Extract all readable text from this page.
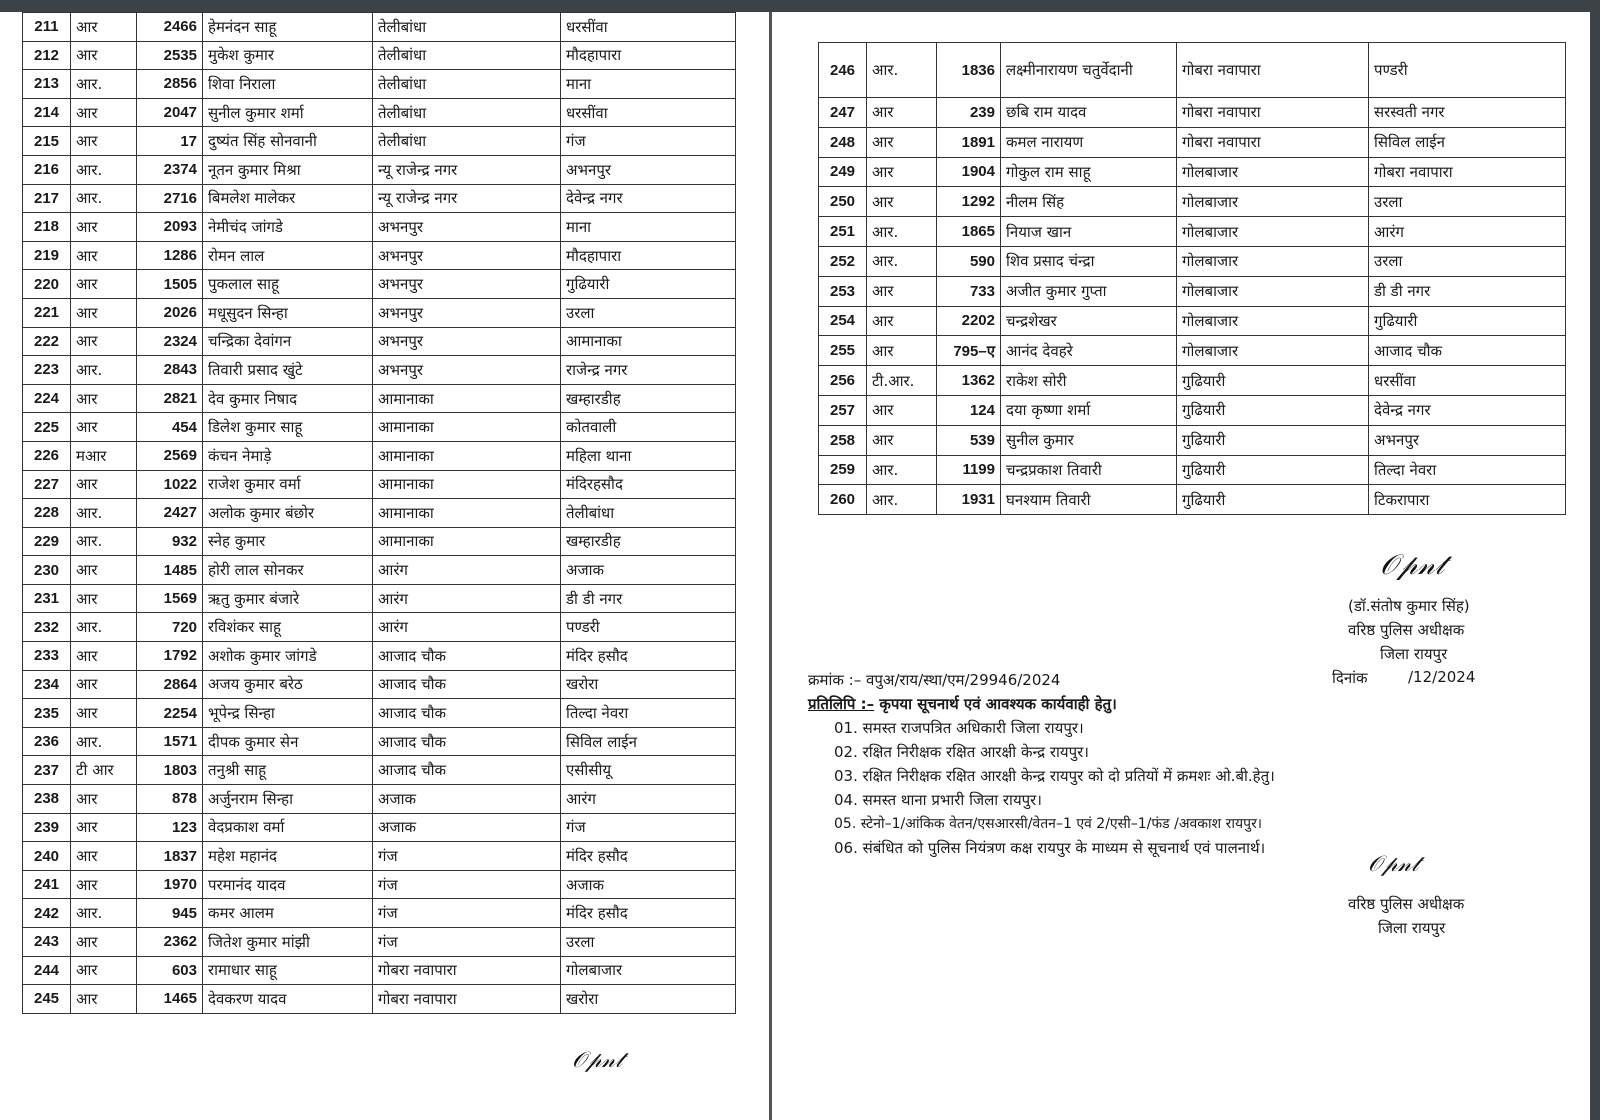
211	आर	2466	हेमनंदन साहू	तेलीबांधा	धरसींवा
212	आर	2535	मुकेश कुमार	तेलीबांधा	मौदहापारा
213	आर.	2856	शिवा निराला	तेलीबांधा	माना
214	आर	2047	सुनील कुमार शर्मा	तेलीबांधा	धरसींवा
215	आर	17	दुष्यंत सिंह सोनवानी	तेलीबांधा	गंज
216	आर.	2374	नूतन कुमार मिश्रा	न्यू राजेन्द्र नगर	अभनपुर
217	आर.	2716	बिमलेश मालेकर	न्यू राजेन्द्र नगर	देवेन्द्र नगर
218	आर	2093	नेमीचंद जांगडे	अभनपुर	माना
219	आर	1286	रोमन लाल	अभनपुर	मौदहापारा
220	आर	1505	पुकलाल साहू	अभनपुर	गुढियारी
221	आर	2026	मधूसुदन सिन्हा	अभनपुर	उरला
222	आर	2324	चन्द्रिका देवांगन	अभनपुर	आमानाका
223	आर.	2843	तिवारी प्रसाद खुंटे	अभनपुर	राजेन्द्र नगर
224	आर	2821	देव कुमार निषाद	आमानाका	खम्हारडीह
225	आर	454	डिलेश कुमार साहू	आमानाका	कोतवाली
226	मआर	2569	कंचन नेमाड़े	आमानाका	महिला थाना
227	आर	1022	राजेश कुमार वर्मा	आमानाका	मंदिरहसौद
228	आर.	2427	अलोक कुमार बंछोर	आमानाका	तेलीबांधा
229	आर.	932	स्नेह कुमार	आमानाका	खम्हारडीह
230	आर	1485	होरी लाल सोनकर	आरंग	अजाक
231	आर	1569	ऋतु कुमार बंजारे	आरंग	डी डी नगर
232	आर.	720	रविशंकर साहू	आरंग	पण्डरी
233	आर	1792	अशोक कुमार जांगडे	आजाद चौक	मंदिर हसौद
234	आर	2864	अजय कुमार बरेठ	आजाद चौक	खरोरा
235	आर	2254	भूपेन्द्र सिन्हा	आजाद चौक	तिल्दा नेवरा
236	आर.	1571	दीपक कुमार सेन	आजाद चौक	सिविल लाईन
237	टी आर	1803	तनुश्री साहू	आजाद चौक	एसीसीयू
238	आर	878	अर्जुनराम सिन्हा	अजाक	आरंग
239	आर	123	वेदप्रकाश वर्मा	अजाक	गंज
240	आर	1837	महेश महानंद	गंज	मंदिर हसौद
241	आर	1970	परमानंद यादव	गंज	अजाक
242	आर.	945	कमर आलम	गंज	मंदिर हसौद
243	आर	2362	जितेश कुमार मांझी	गंज	उरला
244	आर	603	रामाधार साहू	गोबरा नवापारा	गोलबाजार
245	आर	1465	देवकरण यादव	गोबरा नवापारा	खरोरा
𝒪𝓅𝓃𝓉
246	आर.	1836	लक्ष्मीनारायण चतुर्वेदानी	गोबरा नवापारा	पण्डरी
247	आर	239	छबि राम यादव	गोबरा नवापारा	सरस्वती नगर
248	आर	1891	कमल नारायण	गोबरा नवापारा	सिविल लाईन
249	आर	1904	गोकुल राम साहू	गोलबाजार	गोबरा नवापारा
250	आर	1292	नीलम सिंह	गोलबाजार	उरला
251	आर.	1865	नियाज खान	गोलबाजार	आरंग
252	आर.	590	शिव प्रसाद चंन्द्रा	गोलबाजार	उरला
253	आर	733	अजीत कुमार गुप्ता	गोलबाजार	डी डी नगर
254	आर	2202	चन्द्रशेखर	गोलबाजार	गुढियारी
255	आर	795–ए	आनंद देवहरे	गोलबाजार	आजाद चौक
256	टी.आर.	1362	राकेश सोरी	गुढियारी	धरसींवा
257	आर	124	दया कृष्णा शर्मा	गुढियारी	देवेन्द्र नगर
258	आर	539	सुनील कुमार	गुढियारी	अभनपुर
259	आर.	1199	चन्द्रप्रकाश तिवारी	गुढियारी	तिल्दा नेवरा
260	आर.	1931	घनश्याम तिवारी	गुढियारी	टिकरापारा
𝒪𝓅𝓃𝓉
(डॉ.संतोष कुमार सिंह)
वरिष्ठ पुलिस अधीक्षक
जिला रायपुर
दिनांक	/12/2024
क्रमांक :– वपुअ/राय/स्था/एम/29946/2024
प्रतिलिपि :– कृपया सूचनार्थ एवं आवश्यक कार्यवाही हेतु।
01. समस्त राजपत्रित अधिकारी जिला रायपुर।
02. रक्षित निरीक्षक रक्षित आरक्षी केन्द्र रायपुर।
03. रक्षित निरीक्षक रक्षित आरक्षी केन्द्र रायपुर को दो प्रतियों में क्रमशः ओ.बी.हेतु।
04. समस्त थाना प्रभारी जिला रायपुर।
05. स्टेनो–1/आंकिक वेतन/एसआरसी/वेतन–1 एवं 2/एसी–1/फंड /अवकाश रायपुर।
06. संबंधित को पुलिस नियंत्रण कक्ष रायपुर के माध्यम से सूचनार्थ एवं पालनार्थ।
𝒪𝓅𝓃𝓉
वरिष्ठ पुलिस अधीक्षक
जिला रायपुर
